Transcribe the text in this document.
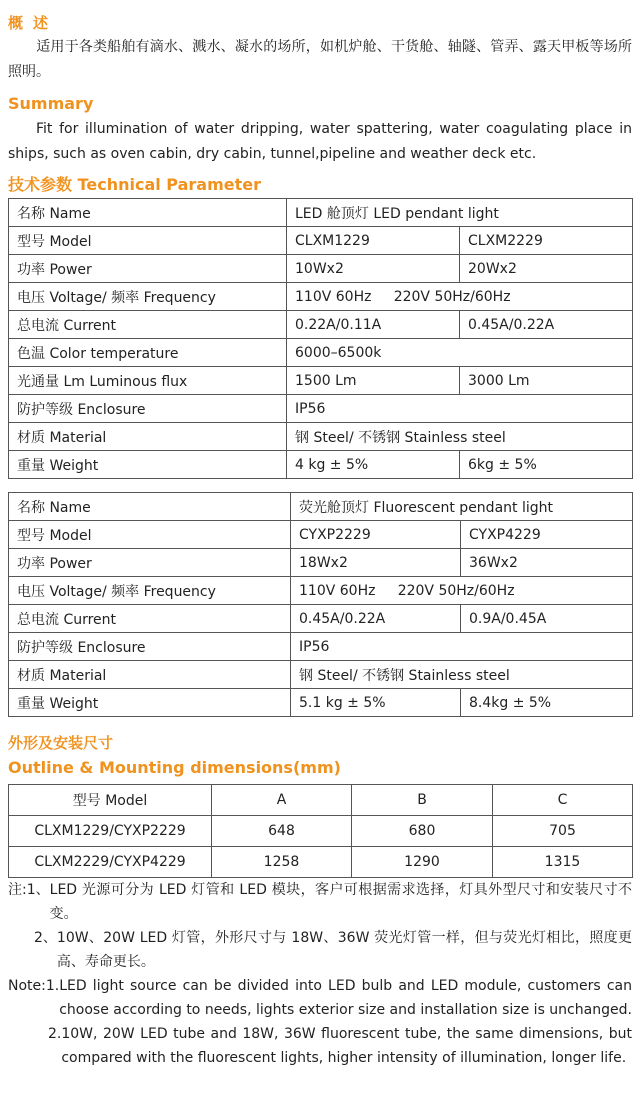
概述
适用于各类船舶有滴水、溅水、凝水的场所，如机炉舱、干货舱、轴隧、管弄、露天甲板等场所照明。
Summary
Fit for illumination of water dripping, water spattering, water coagulating place in ships, such as oven cabin, dry cabin, tunnel,pipeline and weather deck etc.
技术参数 Technical Parameter
名称 Name	LED 舱顶灯 LED pendant light	
型号 Model	CLXM1229	CLXM2229
功率 Power	10Wx2	20Wx2
电压 Voltage/ 频率 Frequency	110V 60Hz     220V 50Hz/60Hz	
总电流 Current	0.22A/0.11A	0.45A/0.22A
色温 Color temperature	6000–6500k	
光通量 Lm Luminous flux	1500 Lm	3000 Lm
防护等级 Enclosure	IP56	
材质 Material	钢 Steel/ 不锈钢 Stainless steel	
重量 Weight	4 kg ± 5%	6kg ± 5%
名称 Name	荧光舱顶灯 Fluorescent pendant light	
型号 Model	CYXP2229	CYXP4229
功率 Power	18Wx2	36Wx2
电压 Voltage/ 频率 Frequency	110V 60Hz     220V 50Hz/60Hz	
总电流 Current	0.45A/0.22A	0.9A/0.45A
防护等级 Enclosure	IP56	
材质 Material	钢 Steel/ 不锈钢 Stainless steel	
重量 Weight	5.1 kg ± 5%	8.4kg ± 5%
外形及安装尺寸
Outline & Mounting dimensions(mm)
型号 Model	A	B	C
CLXM1229/CYXP2229	648	680	705
CLXM2229/CYXP4229	1258	1290	1315
注: 1、 LED 光源可分为 LED 灯管和 LED 模块，客户可根据需求选择，灯具外型尺寸和安装尺寸不变。
2、 10W、20W LED 灯管，外形尺寸与 18W、36W 荧光灯管一样，但与荧光灯相比，照度更高、寿命更长。
Note: 1. LED light source can be divided into LED bulb and LED module, customers can choose according to needs, lights exterior size and installation size is unchanged.
2. 10W, 20W LED tube and 18W, 36W fluorescent tube, the same dimensions, but compared with the fluorescent lights, higher intensity of illumination, longer life.
